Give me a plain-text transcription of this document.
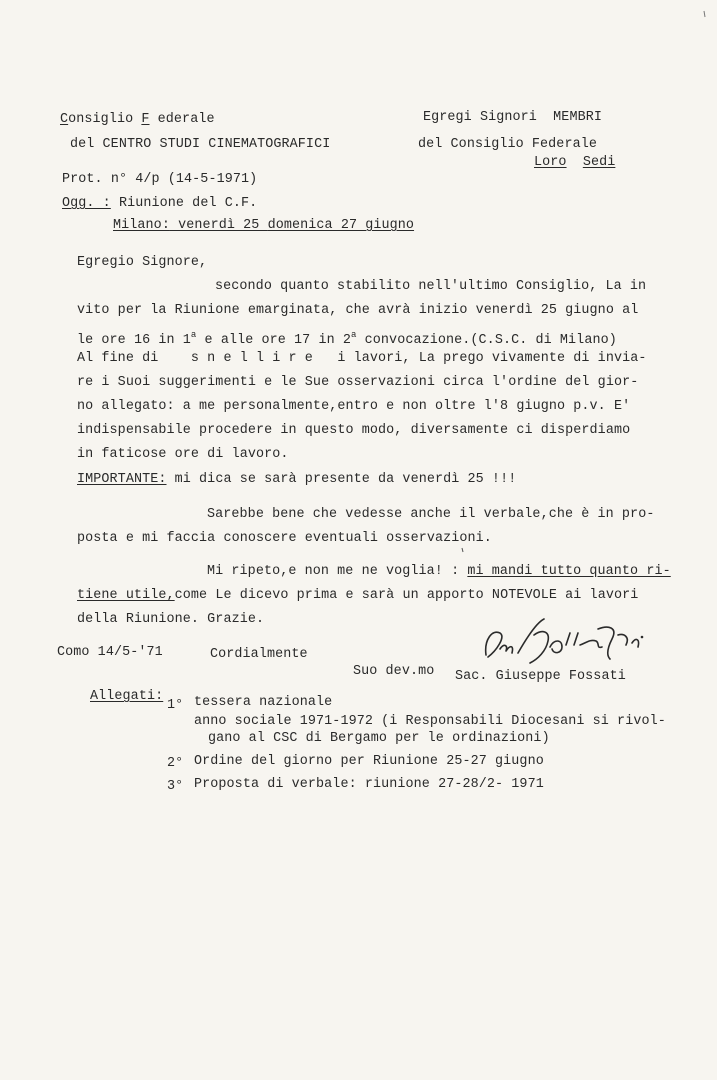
Consiglio F ederale
del CENTRO STUDI CINEMATOGRAFICI
Egregi Signori  MEMBRI
del Consiglio Federale
Loro Sedi
Prot. n° 4/p (14-5-1971)
Ogg. : Riunione del C.F.
Milano: venerdì 25 domenica 27 giugno
Egregio Signore,
secondo quanto stabilito nell'ultimo Consiglio, La in
vito per la Riunione emarginata, che avrà inizio venerdì 25 giugno al
le ore 16 in 1$^a$ e alle ore 17 in 2$^a$ convocazione.(C.S.C. di Milano)
Al fine di    s n e l l i r e   i lavori, La prego vivamente di invia-
re i Suoi suggerimenti e le Sue osservazioni circa l'ordine del gior-
no allegato: a me personalmente,entro e non oltre l'8 giugno p.v. E'
indispensabile procedere in questo modo, diversamente ci disperdiamo
in faticose ore di lavoro.
IMPORTANTE: mi dica se sarà presente da venerdì 25 !!!
Sarebbe bene che vedesse anche il verbale,che è in pro-
posta e mi faccia conoscere eventuali osservazioni.
Mi ripeto,e non me ne voglia! : mi mandi tutto quanto ri-
tiene utile,come Le dicevo prima e sarà un apporto NOTEVOLE ai lavori
della Riunione. Grazie.
Como 14/5-'71	Cordialmente
Suo dev.mo Sac. Giuseppe Fossati
Allegati:
1° tessera nazionale
anno sociale 1971-1972 (i Responsabili Diocesani si rivol-
gano al CSC di Bergamo per le ordinazioni)
2° Ordine del giorno per Riunione 25-27 giugno
3° Proposta di verbale: riunione 27-28/2- 1971
